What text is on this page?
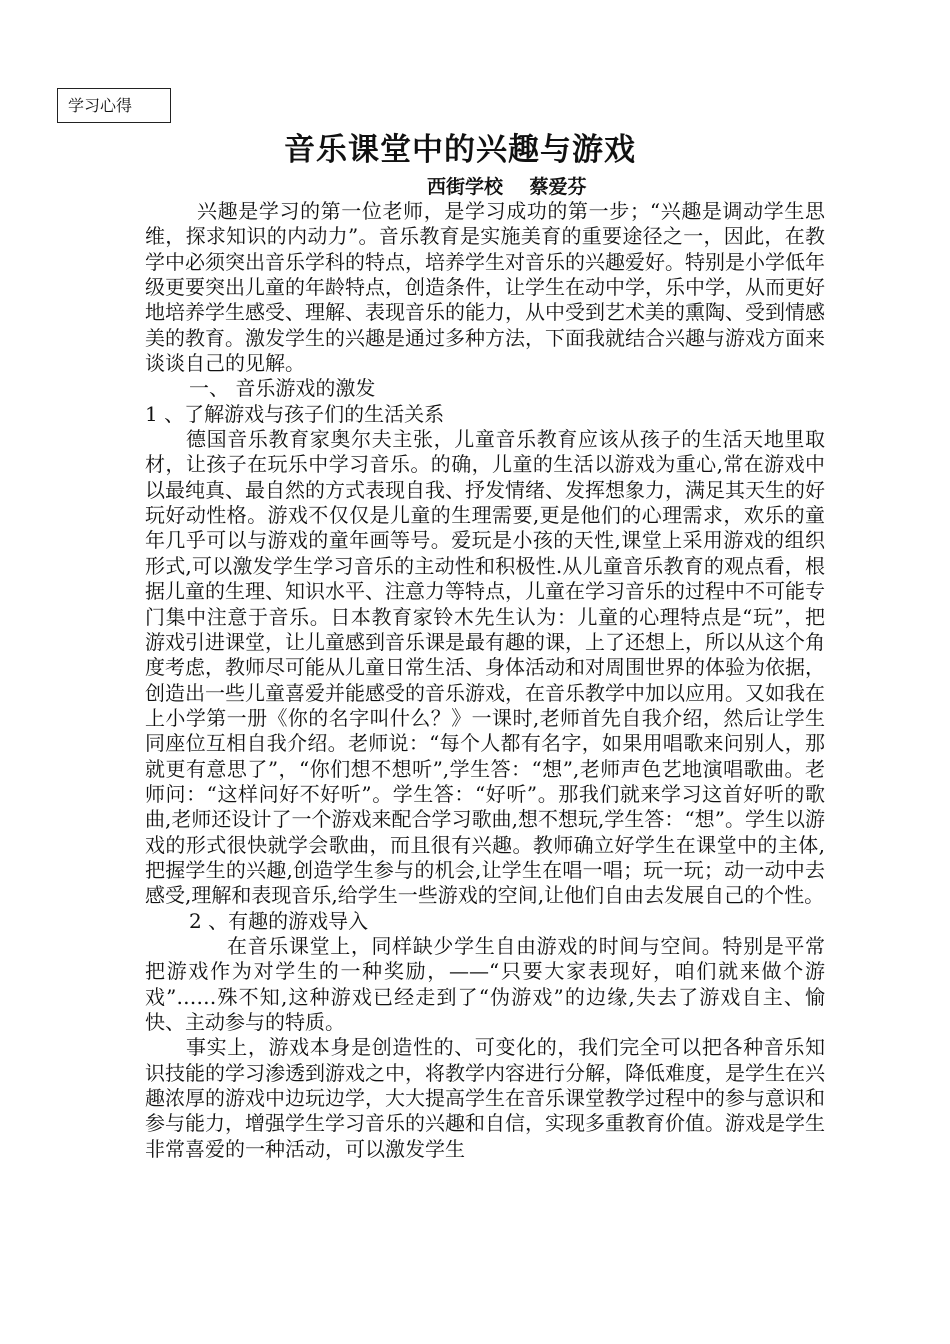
学习心得
音乐课堂中的兴趣与游戏
西街学校    蔡爱芬

兴趣是学习的第一位老师，是学习成功的第一步；“兴趣是调动学生思维，探求知识的内动力”。音乐教育是实施美育的重要途径之一，因此，在教学中必须突出音乐学科的特点，培养学生对音乐的兴趣爱好。特别是小学低年级更要突出儿童的年龄特点，创造条件，让学生在动中学，乐中学，从而更好地培养学生感受、理解、表现音乐的能力，从中受到艺术美的熏陶、受到情感美的教育。激发学生的兴趣是通过多种方法，下面我就结合兴趣与游戏方面来谈谈自己的见解。

一、 音乐游戏的激发

1 、了解游戏与孩子们的生活关系

德国音乐教育家奥尔夫主张，儿童音乐教育应该从孩子的生活天地里取材，让孩子在玩乐中学习音乐。的确，儿童的生活以游戏为重心,常在游戏中以最纯真、最自然的方式表现自我、抒发情绪、发挥想象力，满足其天生的好玩好动性格。游戏不仅仅是儿童的生理需要,更是他们的心理需求，欢乐的童年几乎可以与游戏的童年画等号。爱玩是小孩的天性,课堂上采用游戏的组织形式,可以激发学生学习音乐的主动性和积极性.从儿童音乐教育的观点看，根据儿童的生理、知识水平、注意力等特点，儿童在学习音乐的过程中不可能专门集中注意于音乐。日本教育家铃木先生认为：儿童的心理特点是“玩”，把游戏引进课堂，让儿童感到音乐课是最有趣的课，上了还想上，所以从这个角度考虑，教师尽可能从儿童日常生活、身体活动和对周围世界的体验为依据，创造出一些儿童喜爱并能感受的音乐游戏，在音乐教学中加以应用。又如我在上小学第一册《你的名字叫什么？》一课时,老师首先自我介绍，然后让学生同座位互相自我介绍。老师说：“每个人都有名字，如果用唱歌来问别人，那就更有意思了”，“你们想不想听”,学生答：“想”,老师声色艺地演唱歌曲。老师问：“这样问好不好听”。学生答：“好听”。那我们就来学习这首好听的歌曲,老师还设计了一个游戏来配合学习歌曲,想不想玩,学生答：“想”。学生以游戏的形式很快就学会歌曲，而且很有兴趣。教师确立好学生在课堂中的主体,把握学生的兴趣,创造学生参与的机会,让学生在唱一唱；玩一玩；动一动中去感受,理解和表现音乐,给学生一些游戏的空间,让他们自由去发展自己的个性。

2 、有趣的游戏导入

在音乐课堂上，同样缺少学生自由游戏的时间与空间。特别是平常把游戏作为对学生的一种奖励，——“只要大家表现好，咱们就来做个游戏”……殊不知,这种游戏已经走到了“伪游戏”的边缘,失去了游戏自主、愉快、主动参与的特质。

事实上，游戏本身是创造性的、可变化的，我们完全可以把各种音乐知识技能的学习渗透到游戏之中，将教学内容进行分解，降低难度，是学生在兴趣浓厚的游戏中边玩边学，大大提高学生在音乐课堂教学过程中的参与意识和参与能力，增强学生学习音乐的兴趣和自信，实现多重教育价值。游戏是学生非常喜爱的一种活动，可以激发学生
